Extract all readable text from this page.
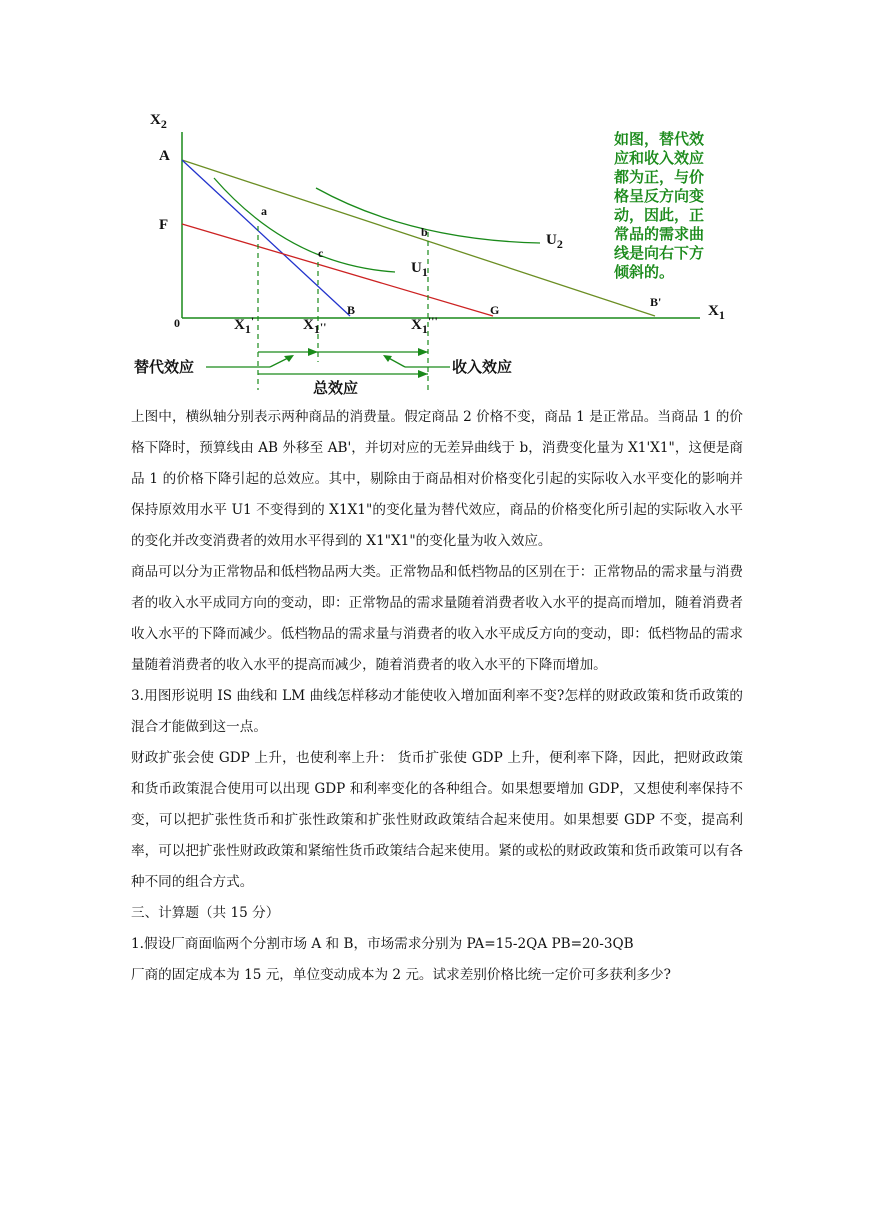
$X_2$
$X_1$
0
A
F
a
b
c
B	G
B'
$U_1$
$U_2$
$X_1'$	$X_1''$	$X_1'''$
替代效应	收入效应
总效应
如图，替代效
应和收入效应
都为正，与价
格呈反方向变
动，因此，正
常品的需求曲
线是向右下方
倾斜的。

上图中，横纵轴分别表示两种商品的消费量。假定商品 2 价格不变，商品 1 是正常品。当商品 1 的价格下降时，预算线由 AB 外移至 AB'，并切对应的无差异曲线于 b，消费变化量为 X1'X1"，这便是商品 1 的价格下降引起的总效应。其中，剔除由于商品相对价格变化引起的实际收入水平变化的影响并保持原效用水平 U1 不变得到的 X1X1"的变化量为替代效应，商品的价格变化所引起的实际收入水平的变化并改变消费者的效用水平得到的 X1"X1"的变化量为收入效应。

商品可以分为正常物品和低档物品两大类。正常物品和低档物品的区别在于：正常物品的需求量与消费者的收入水平成同方向的变动，即：正常物品的需求量随着消费者收入水平的提高而增加，随着消费者收入水平的下降而减少。低档物品的需求量与消费者的收入水平成反方向的变动，即：低档物品的需求量随着消费者的收入水平的提高而减少，随着消费者的收入水平的下降而增加。

3.用图形说明 IS 曲线和 LM 曲线怎样移动才能使收入增加面利率不变?怎样的财政政策和货币政策的混合才能做到这一点。

财政扩张会使 GDP 上升，也使利率上升： 货币扩张使 GDP 上升，便利率下降，因此，把财政政策和货币政策混合使用可以出现 GDP 和利率变化的各种组合。如果想要增加 GDP，又想使利率保持不变，可以把扩张性货币和扩张性政策和扩张性财政政策结合起来使用。如果想要 GDP 不变，提高利率，可以把扩张性财政政策和紧缩性货币政策结合起来使用。紧的或松的财政政策和货币政策可以有各种不同的组合方式。

三、计算题（共 15 分）

1.假设厂商面临两个分割市场 A 和 B，市场需求分别为 PA=15-2QA PB=20-3QB

厂商的固定成本为 15 元，单位变动成本为 2 元。试求差别价格比统一定价可多获利多少?
